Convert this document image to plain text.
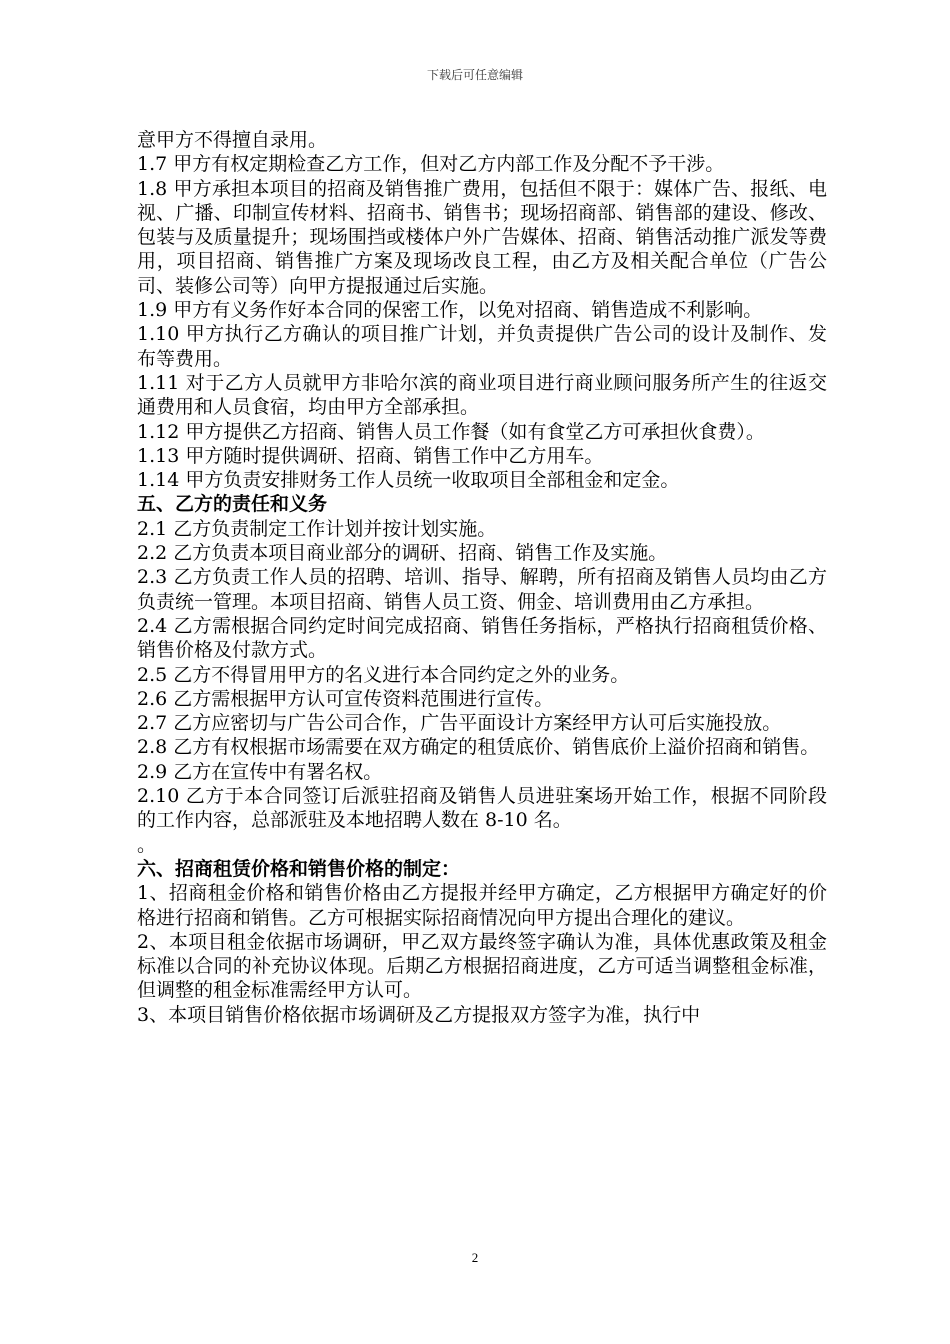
下载后可任意编辑

意甲方不得擅自录用。

1.7 甲方有权定期检查乙方工作，但对乙方内部工作及分配不予干涉。

1.8 甲方承担本项目的招商及销售推广费用，包括但不限于：媒体广告、报纸、电视、广播、印制宣传材料、招商书、销售书；现场招商部、销售部的建设、修改、包装与及质量提升；现场围挡或楼体户外广告媒体、招商、销售活动推广派发等费用，项目招商、销售推广方案及现场改良工程，由乙方及相关配合单位（广告公司、装修公司等）向甲方提报通过后实施。

1.9 甲方有义务作好本合同的保密工作，以免对招商、销售造成不利影响。

1.10 甲方执行乙方确认的项目推广计划，并负责提供广告公司的设计及制作、发布等费用。

1.11 对于乙方人员就甲方非哈尔滨的商业项目进行商业顾问服务所产生的往返交通费用和人员食宿，均由甲方全部承担。

1.12 甲方提供乙方招商、销售人员工作餐（如有食堂乙方可承担伙食费）。

1.13 甲方随时提供调研、招商、销售工作中乙方用车。

1.14 甲方负责安排财务工作人员统一收取项目全部租金和定金。

五、乙方的责任和义务

2.1 乙方负责制定工作计划并按计划实施。

2.2 乙方负责本项目商业部分的调研、招商、销售工作及实施。

2.3 乙方负责工作人员的招聘、培训、指导、解聘，所有招商及销售人员均由乙方负责统一管理。本项目招商、销售人员工资、佣金、培训费用由乙方承担。

2.4 乙方需根据合同约定时间完成招商、销售任务指标，严格执行招商租赁价格、销售价格及付款方式。

2.5 乙方不得冒用甲方的名义进行本合同约定之外的业务。

2.6 乙方需根据甲方认可宣传资料范围进行宣传。

2.7 乙方应密切与广告公司合作，广告平面设计方案经甲方认可后实施投放。

2.8 乙方有权根据市场需要在双方确定的租赁底价、销售底价上溢价招商和销售。

2.9 乙方在宣传中有署名权。

2.10 乙方于本合同签订后派驻招商及销售人员进驻案场开始工作，根据不同阶段的工作内容，总部派驻及本地招聘人数在 8-10 名。

。

六、招商租赁价格和销售价格的制定：

1、招商租金价格和销售价格由乙方提报并经甲方确定，乙方根据甲方确定好的价格进行招商和销售。乙方可根据实际招商情况向甲方提出合理化的建议。

2、本项目租金依据市场调研，甲乙双方最终签字确认为准，具体优惠政策及租金标准以合同的补充协议体现。后期乙方根据招商进度，乙方可适当调整租金标准，但调整的租金标准需经甲方认可。

3、本项目销售价格依据市场调研及乙方提报双方签字为准，执行中

2
